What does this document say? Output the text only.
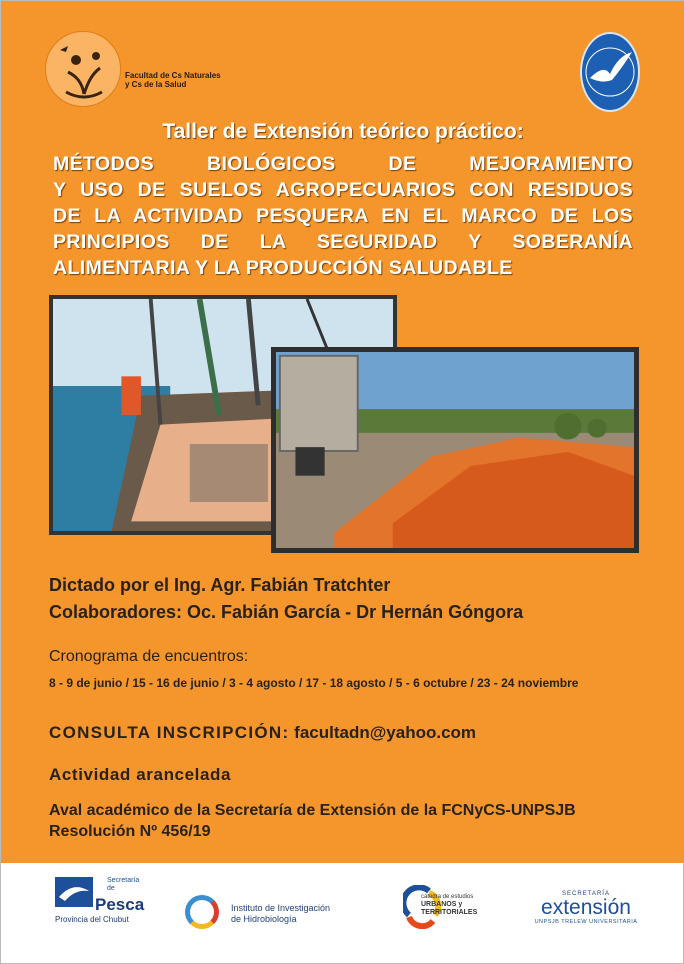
Facultad de Cs Naturales
y Cs de la Salud
Taller de Extensión teórico práctico:
MÉTODOS BIOLÓGICOS DE MEJORAMIENTO
Y USO DE SUELOS AGROPECUARIOS CON RESIDUOS
DE LA ACTIVIDAD PESQUERA EN EL MARCO DE LOS
PRINCIPIOS DE LA SEGURIDAD Y SOBERANÍA
ALIMENTARIA Y LA PRODUCCIÓN SALUDABLE
Dictado por el Ing. Agr. Fabián Tratchter
Colaboradores: Oc. Fabián García - Dr Hernán Góngora
Cronograma de encuentros:
8 - 9 de junio / 15 - 16 de junio / 3 - 4 agosto / 17 - 18 agosto / 5 - 6 octubre / 23 - 24 noviembre
CONSULTA INSCRIPCIÓN: facultadn@yahoo.com
Actividad arancelada
Aval académico de la Secretaría de Extensión de la FCNyCS-UNPSJB
Resolución Nº 456/19
Secretaría de
Pesca
Provincia del Chubut
Instituto de Investigación
de Hidrobiología
cátedra de estudios
URBANOS y
TERRITORIALES
SECRETARÍA
extensión
UNPSJB TRELEW UNIVERSITARIA
